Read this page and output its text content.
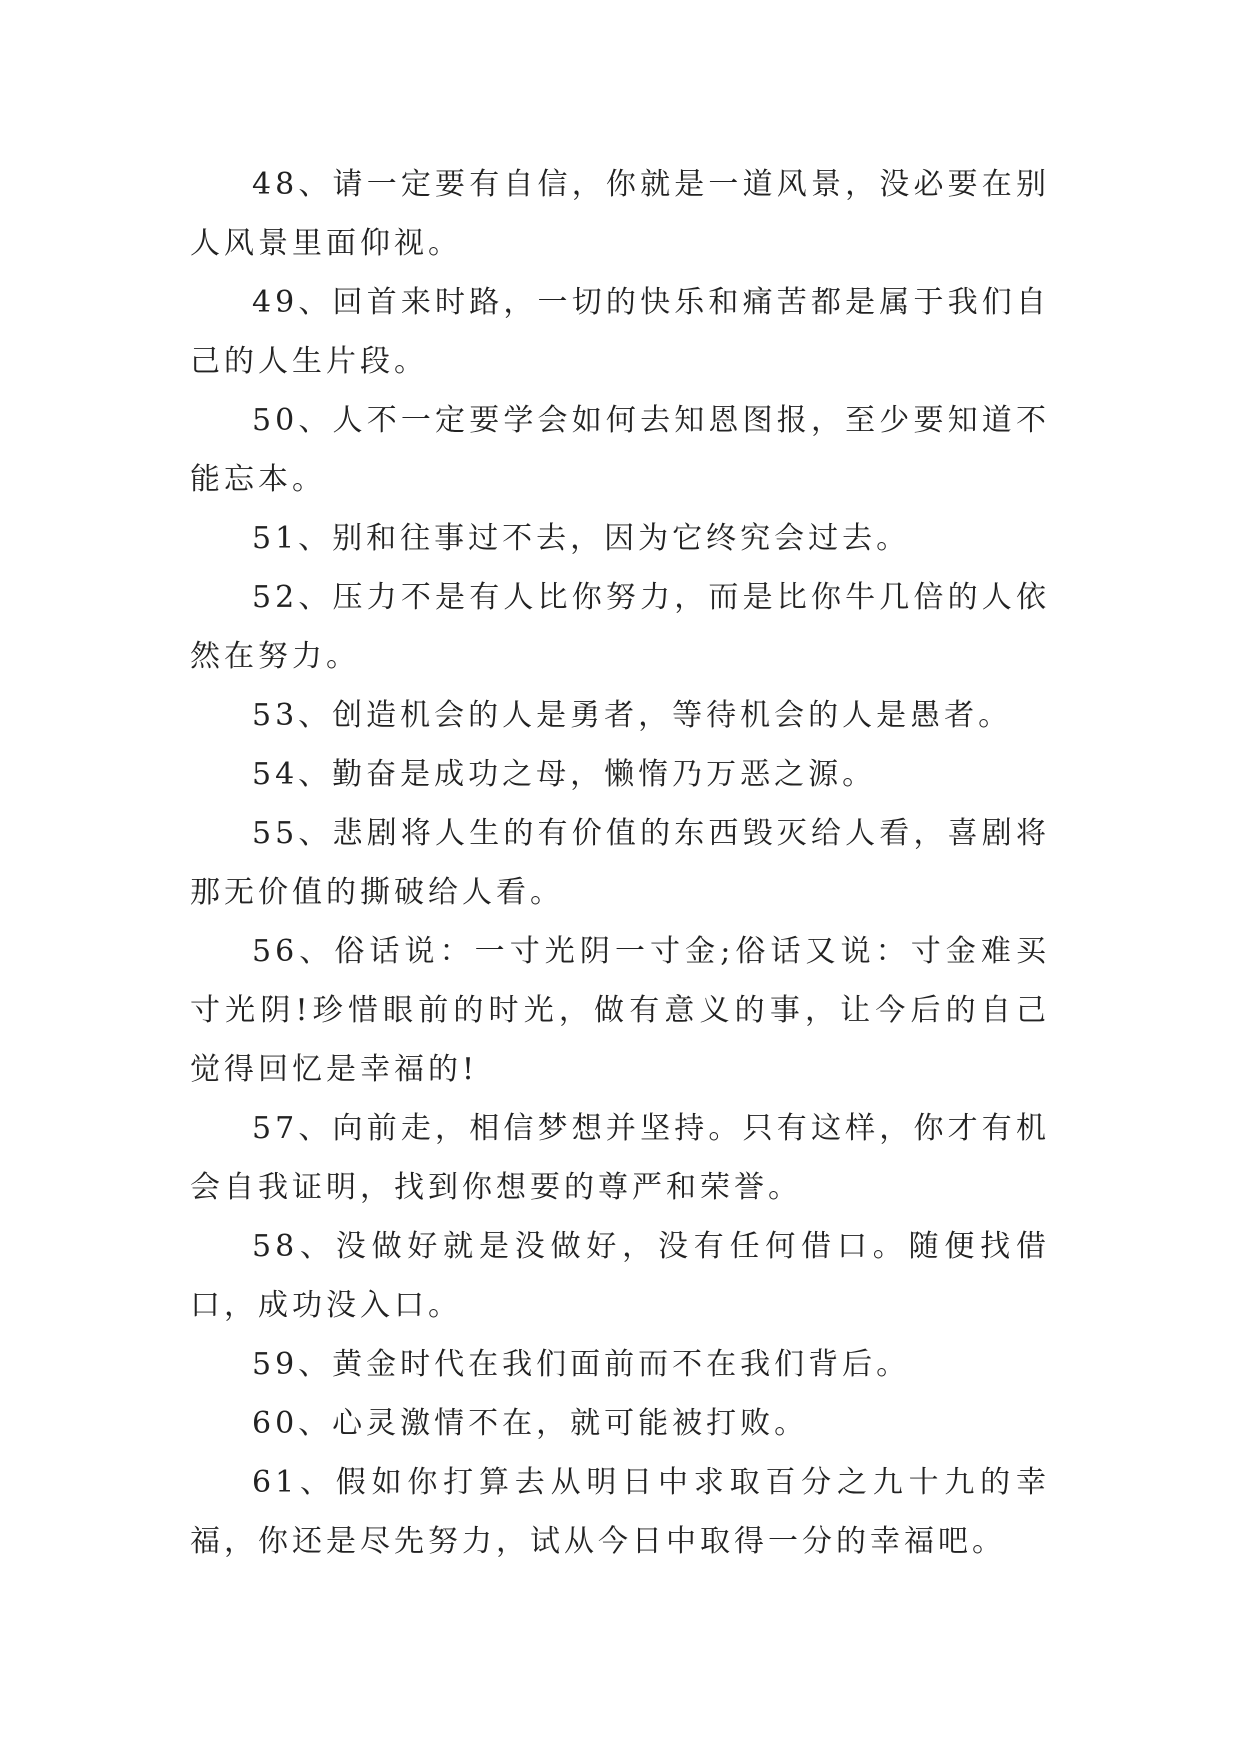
48、请一定要有自信，你就是一道风景，没必要在别人风景里面仰视。

49、回首来时路，一切的快乐和痛苦都是属于我们自己的人生片段。

50、人不一定要学会如何去知恩图报，至少要知道不能忘本。

51、别和往事过不去，因为它终究会过去。

52、压力不是有人比你努力，而是比你牛几倍的人依然在努力。

53、创造机会的人是勇者，等待机会的人是愚者。

54、勤奋是成功之母，懒惰乃万恶之源。

55、悲剧将人生的有价值的东西毁灭给人看，喜剧将那无价值的撕破给人看。

56、俗话说：一寸光阴一寸金;俗话又说：寸金难买寸光阴!珍惜眼前的时光，做有意义的事，让今后的自己觉得回忆是幸福的!

57、向前走，相信梦想并坚持。只有这样，你才有机会自我证明，找到你想要的尊严和荣誉。

58、没做好就是没做好，没有任何借口。随便找借口，成功没入口。

59、黄金时代在我们面前而不在我们背后。

60、心灵激情不在，就可能被打败。

61、假如你打算去从明日中求取百分之九十九的幸福，你还是尽先努力，试从今日中取得一分的幸福吧。
